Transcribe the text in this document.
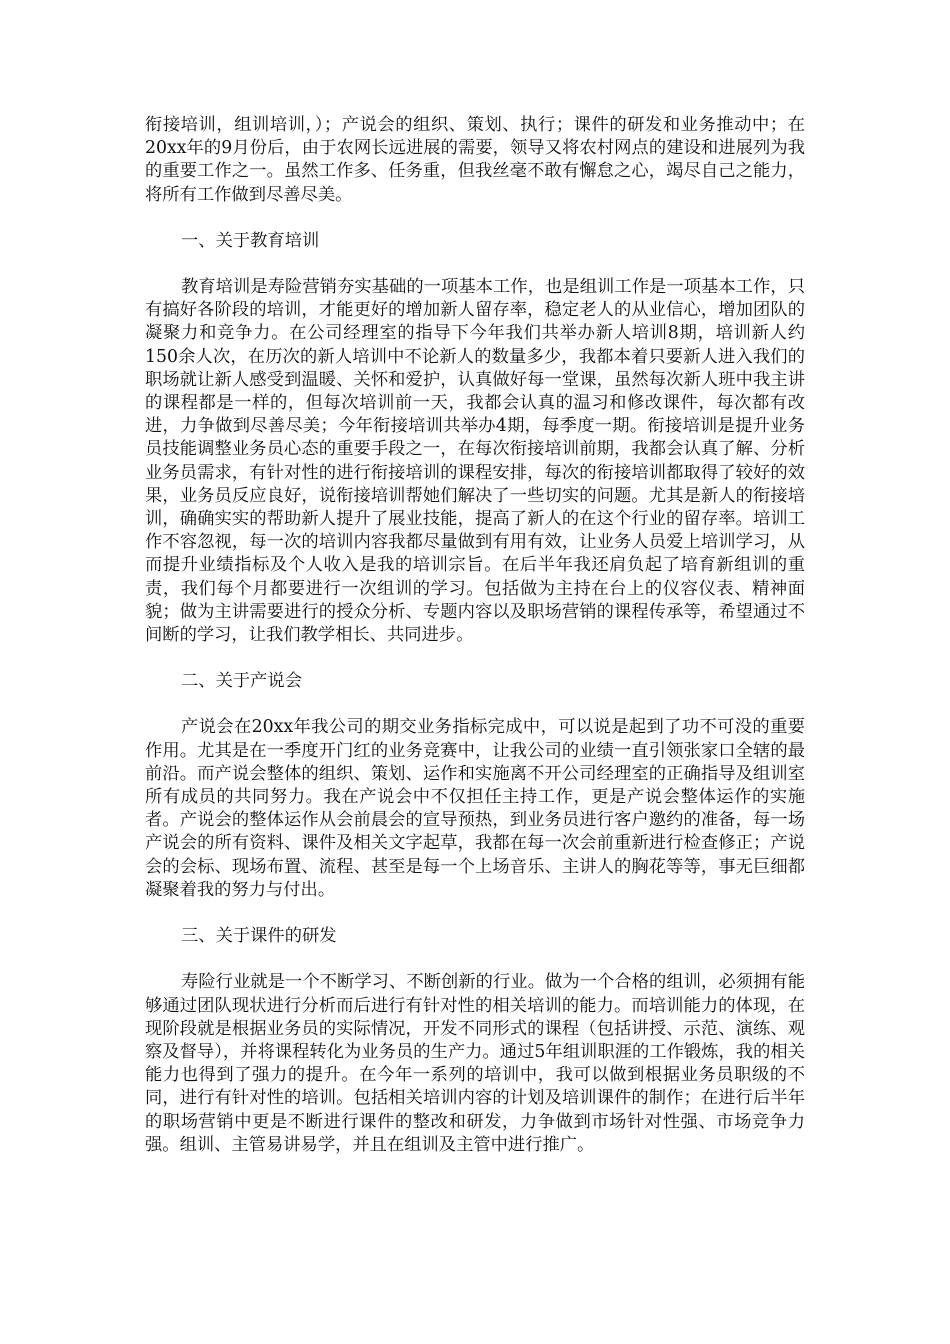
衔接培训，组训培训，）；产说会的组织、策划、执行；课件的研发和业务推动中；在20xx年的9月份后，由于农网长远进展的需要，领导又将农村网点的建设和进展列为我的重要工作之一。虽然工作多、任务重，但我丝毫不敢有懈怠之心，竭尽自己之能力，将所有工作做到尽善尽美。

一、关于教育培训

教育培训是寿险营销夯实基础的一项基本工作，也是组训工作是一项基本工作，只有搞好各阶段的培训，才能更好的增加新人留存率，稳定老人的从业信心，增加团队的凝聚力和竞争力。在公司经理室的指导下今年我们共举办新人培训8期，培训新人约150余人次，在历次的新人培训中不论新人的数量多少，我都本着只要新人进入我们的职场就让新人感受到温暖、关怀和爱护，认真做好每一堂课，虽然每次新人班中我主讲的课程都是一样的，但每次培训前一天，我都会认真的温习和修改课件，每次都有改进，力争做到尽善尽美；今年衔接培训共举办4期，每季度一期。衔接培训是提升业务员技能调整业务员心态的重要手段之一，在每次衔接培训前期，我都会认真了解、分析业务员需求，有针对性的进行衔接培训的课程安排，每次的衔接培训都取得了较好的效果，业务员反应良好，说衔接培训帮她们解决了一些切实的问题。尤其是新人的衔接培训，确确实实的帮助新人提升了展业技能，提高了新人的在这个行业的留存率。培训工作不容忽视，每一次的培训内容我都尽量做到有用有效，让业务人员爱上培训学习，从而提升业绩指标及个人收入是我的培训宗旨。在后半年我还肩负起了培育新组训的重责，我们每个月都要进行一次组训的学习。包括做为主持在台上的仪容仪表、精神面貌；做为主讲需要进行的授众分析、专题内容以及职场营销的课程传承等，希望通过不间断的学习，让我们教学相长、共同进步。

二、关于产说会

产说会在20xx年我公司的期交业务指标完成中，可以说是起到了功不可没的重要作用。尤其是在一季度开门红的业务竞赛中，让我公司的业绩一直引领张家口全辖的最前沿。而产说会整体的组织、策划、运作和实施离不开公司经理室的正确指导及组训室所有成员的共同努力。我在产说会中不仅担任主持工作，更是产说会整体运作的实施者。产说会的整体运作从会前晨会的宣导预热，到业务员进行客户邀约的准备，每一场产说会的所有资料、课件及相关文字起草，我都在每一次会前重新进行检查修正；产说会的会标、现场布置、流程、甚至是每一个上场音乐、主讲人的胸花等等，事无巨细都凝聚着我的努力与付出。

三、关于课件的研发

寿险行业就是一个不断学习、不断创新的行业。做为一个合格的组训，必须拥有能够通过团队现状进行分析而后进行有针对性的相关培训的能力。而培训能力的体现，在现阶段就是根据业务员的实际情况，开发不同形式的课程（包括讲授、示范、演练、观察及督导），并将课程转化为业务员的生产力。通过5年组训职涯的工作锻炼，我的相关能力也得到了强力的提升。在今年一系列的培训中，我可以做到根据业务员职级的不同，进行有针对性的培训。包括相关培训内容的计划及培训课件的制作；在进行后半年的职场营销中更是不断进行课件的整改和研发，力争做到市场针对性强、市场竞争力强。组训、主管易讲易学，并且在组训及主管中进行推广。
